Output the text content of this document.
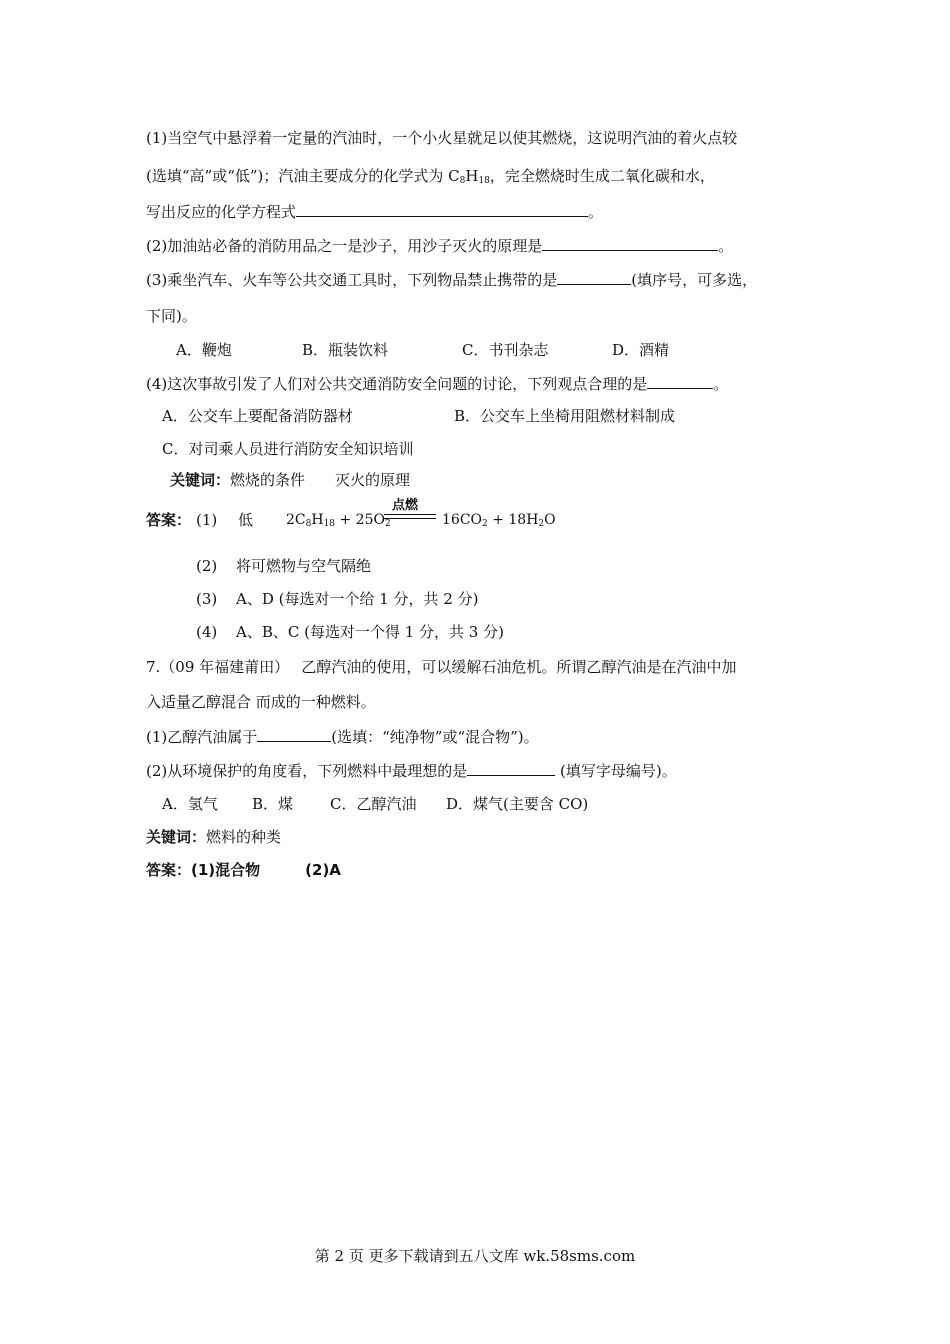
(1)当空气中悬浮着一定量的汽油时，一个小火星就足以使其燃烧，这说明汽油的着火点较
(选填“高”或“低”)；汽油主要成分的化学式为 $C_8H_{18}$，完全燃烧时生成二氧化碳和水，
写出反应的化学方程式	。
(2)加油站必备的消防用品之一是沙子，用沙子灭火的原理是	。
(3)乘坐汽车、火车等公共交通工具时，下列物品禁止携带的是	(填序号，可多选，
下同)。
A．鞭炮	B．瓶装饮料	C．书刊杂志	D．酒精
(4)这次事故引发了人们对公共交通消防安全问题的讨论，下列观点合理的是	。
A．公交车上要配备消防器材	B．公交车上坐椅用阻燃材料制成
C．对司乘人员进行消防安全知识培训
关键词：燃烧的条件　　灭火的原理
答案： (1) 低 $2C_8H_{18} + 25O_2$
点燃
$16CO_2 + 18H_2O$
(2) 将可燃物与空气隔绝
(3) A、D (每选对一个给 1 分，共 2 分)
(4) A、B、C (每选对一个得 1 分，共 3 分)
7.（09 年福建莆田）　 乙醇汽油的使用，可以缓解石油危机。所谓乙醇汽油是在汽油中加
入适量乙醇混合 而成的一种燃料。
(1)乙醇汽油属于	(选填：“纯净物”或“混合物”)。
(2)从环境保护的角度看，下列燃料中最理想的是	(填写字母编号)。
A．氢气 B．煤 C．乙醇汽油 D．煤气(主要含 CO)
关键词：燃料的种类
答案：(1)混合物　　　(2)A
第 2 页 更多下载请到五八文库 wk.58sms.com
